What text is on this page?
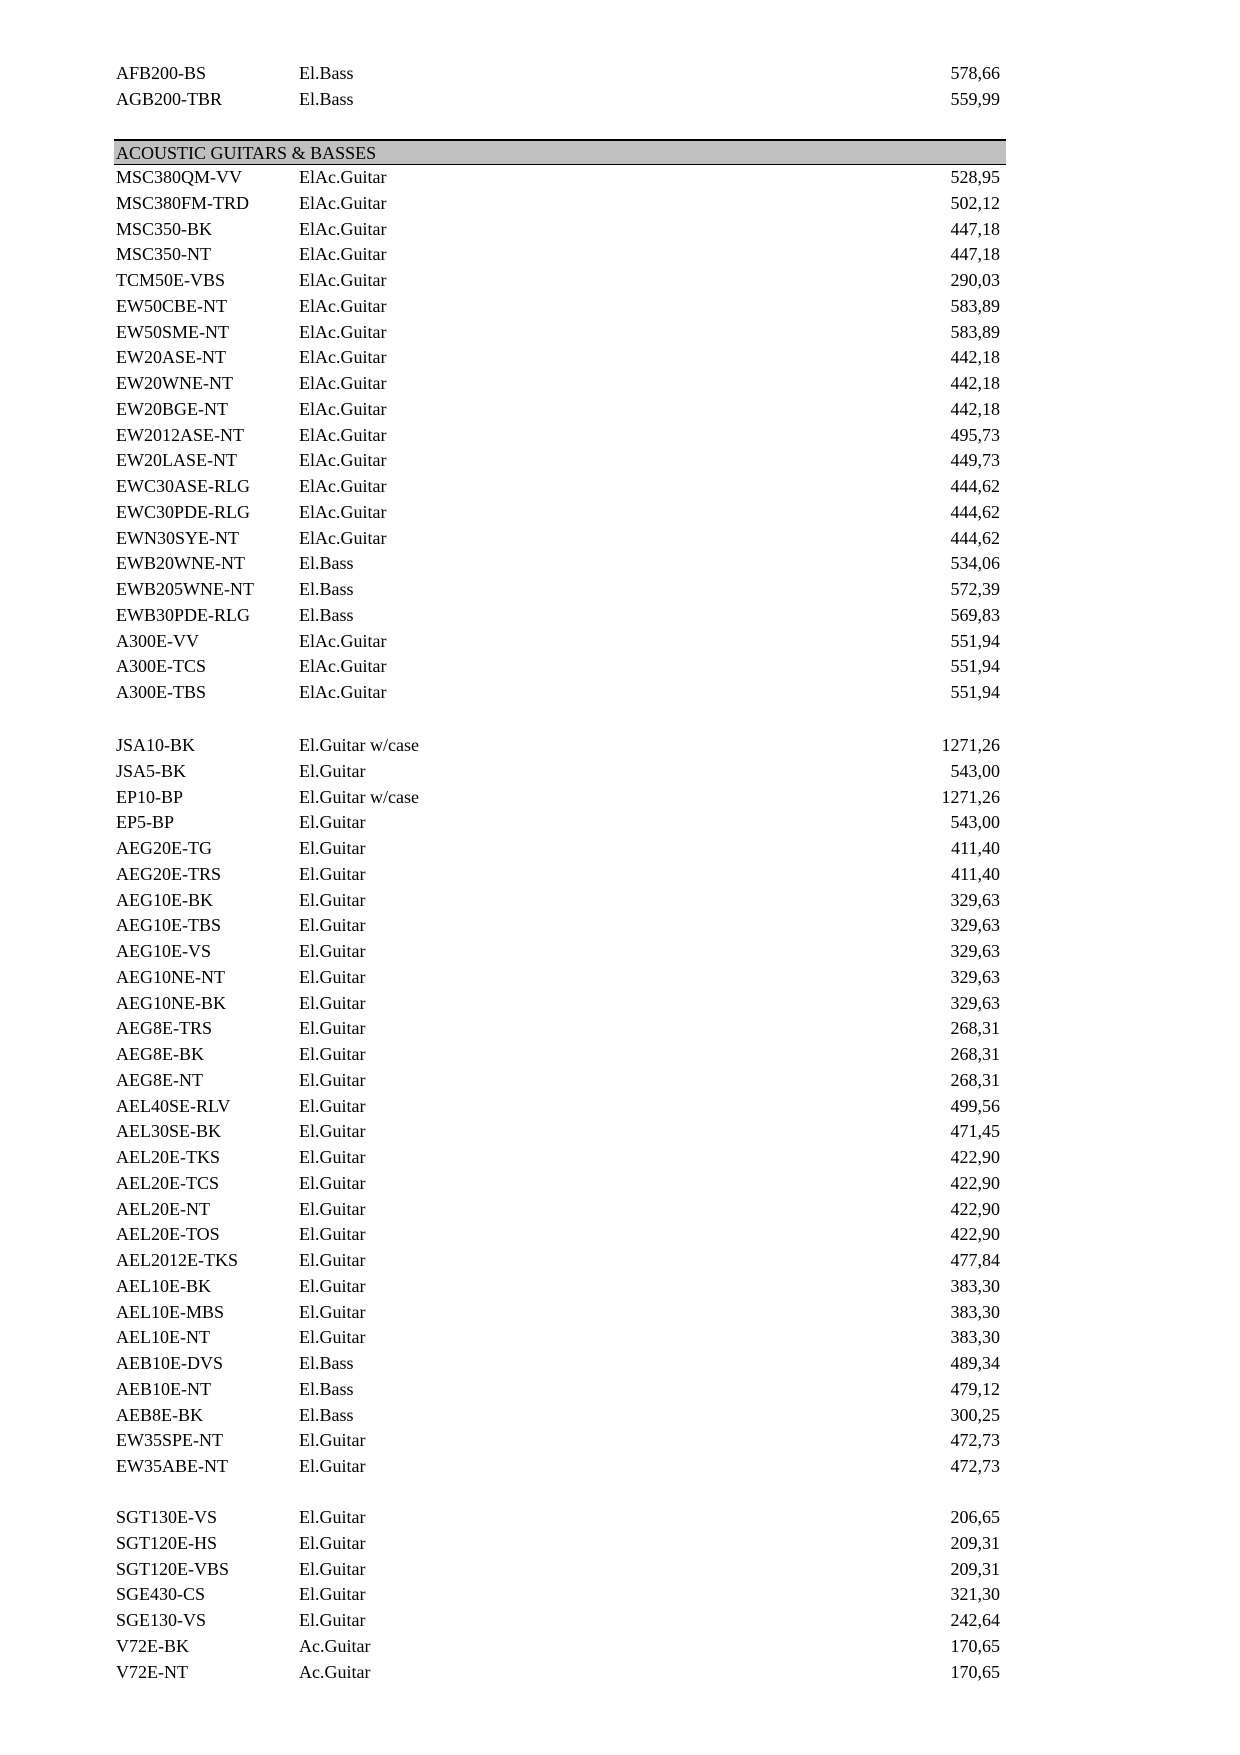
AFB200-BS	El.Bass	578,66
AGB200-TBR	El.Bass	559,99
ACOUSTIC GUITARS & BASSES
MSC380QM-VV	ElAc.Guitar	528,95
MSC380FM-TRD	ElAc.Guitar	502,12
MSC350-BK	ElAc.Guitar	447,18
MSC350-NT	ElAc.Guitar	447,18
TCM50E-VBS	ElAc.Guitar	290,03
EW50CBE-NT	ElAc.Guitar	583,89
EW50SME-NT	ElAc.Guitar	583,89
EW20ASE-NT	ElAc.Guitar	442,18
EW20WNE-NT	ElAc.Guitar	442,18
EW20BGE-NT	ElAc.Guitar	442,18
EW2012ASE-NT	ElAc.Guitar	495,73
EW20LASE-NT	ElAc.Guitar	449,73
EWC30ASE-RLG	ElAc.Guitar	444,62
EWC30PDE-RLG	ElAc.Guitar	444,62
EWN30SYE-NT	ElAc.Guitar	444,62
EWB20WNE-NT	El.Bass	534,06
EWB205WNE-NT	El.Bass	572,39
EWB30PDE-RLG	El.Bass	569,83
A300E-VV	ElAc.Guitar	551,94
A300E-TCS	ElAc.Guitar	551,94
A300E-TBS	ElAc.Guitar	551,94
JSA10-BK	El.Guitar w/case	1271,26
JSA5-BK	El.Guitar	543,00
EP10-BP	El.Guitar w/case	1271,26
EP5-BP	El.Guitar	543,00
AEG20E-TG	El.Guitar	411,40
AEG20E-TRS	El.Guitar	411,40
AEG10E-BK	El.Guitar	329,63
AEG10E-TBS	El.Guitar	329,63
AEG10E-VS	El.Guitar	329,63
AEG10NE-NT	El.Guitar	329,63
AEG10NE-BK	El.Guitar	329,63
AEG8E-TRS	El.Guitar	268,31
AEG8E-BK	El.Guitar	268,31
AEG8E-NT	El.Guitar	268,31
AEL40SE-RLV	El.Guitar	499,56
AEL30SE-BK	El.Guitar	471,45
AEL20E-TKS	El.Guitar	422,90
AEL20E-TCS	El.Guitar	422,90
AEL20E-NT	El.Guitar	422,90
AEL20E-TOS	El.Guitar	422,90
AEL2012E-TKS	El.Guitar	477,84
AEL10E-BK	El.Guitar	383,30
AEL10E-MBS	El.Guitar	383,30
AEL10E-NT	El.Guitar	383,30
AEB10E-DVS	El.Bass	489,34
AEB10E-NT	El.Bass	479,12
AEB8E-BK	El.Bass	300,25
EW35SPE-NT	El.Guitar	472,73
EW35ABE-NT	El.Guitar	472,73
SGT130E-VS	El.Guitar	206,65
SGT120E-HS	El.Guitar	209,31
SGT120E-VBS	El.Guitar	209,31
SGE430-CS	El.Guitar	321,30
SGE130-VS	El.Guitar	242,64
V72E-BK	Ac.Guitar	170,65
V72E-NT	Ac.Guitar	170,65
